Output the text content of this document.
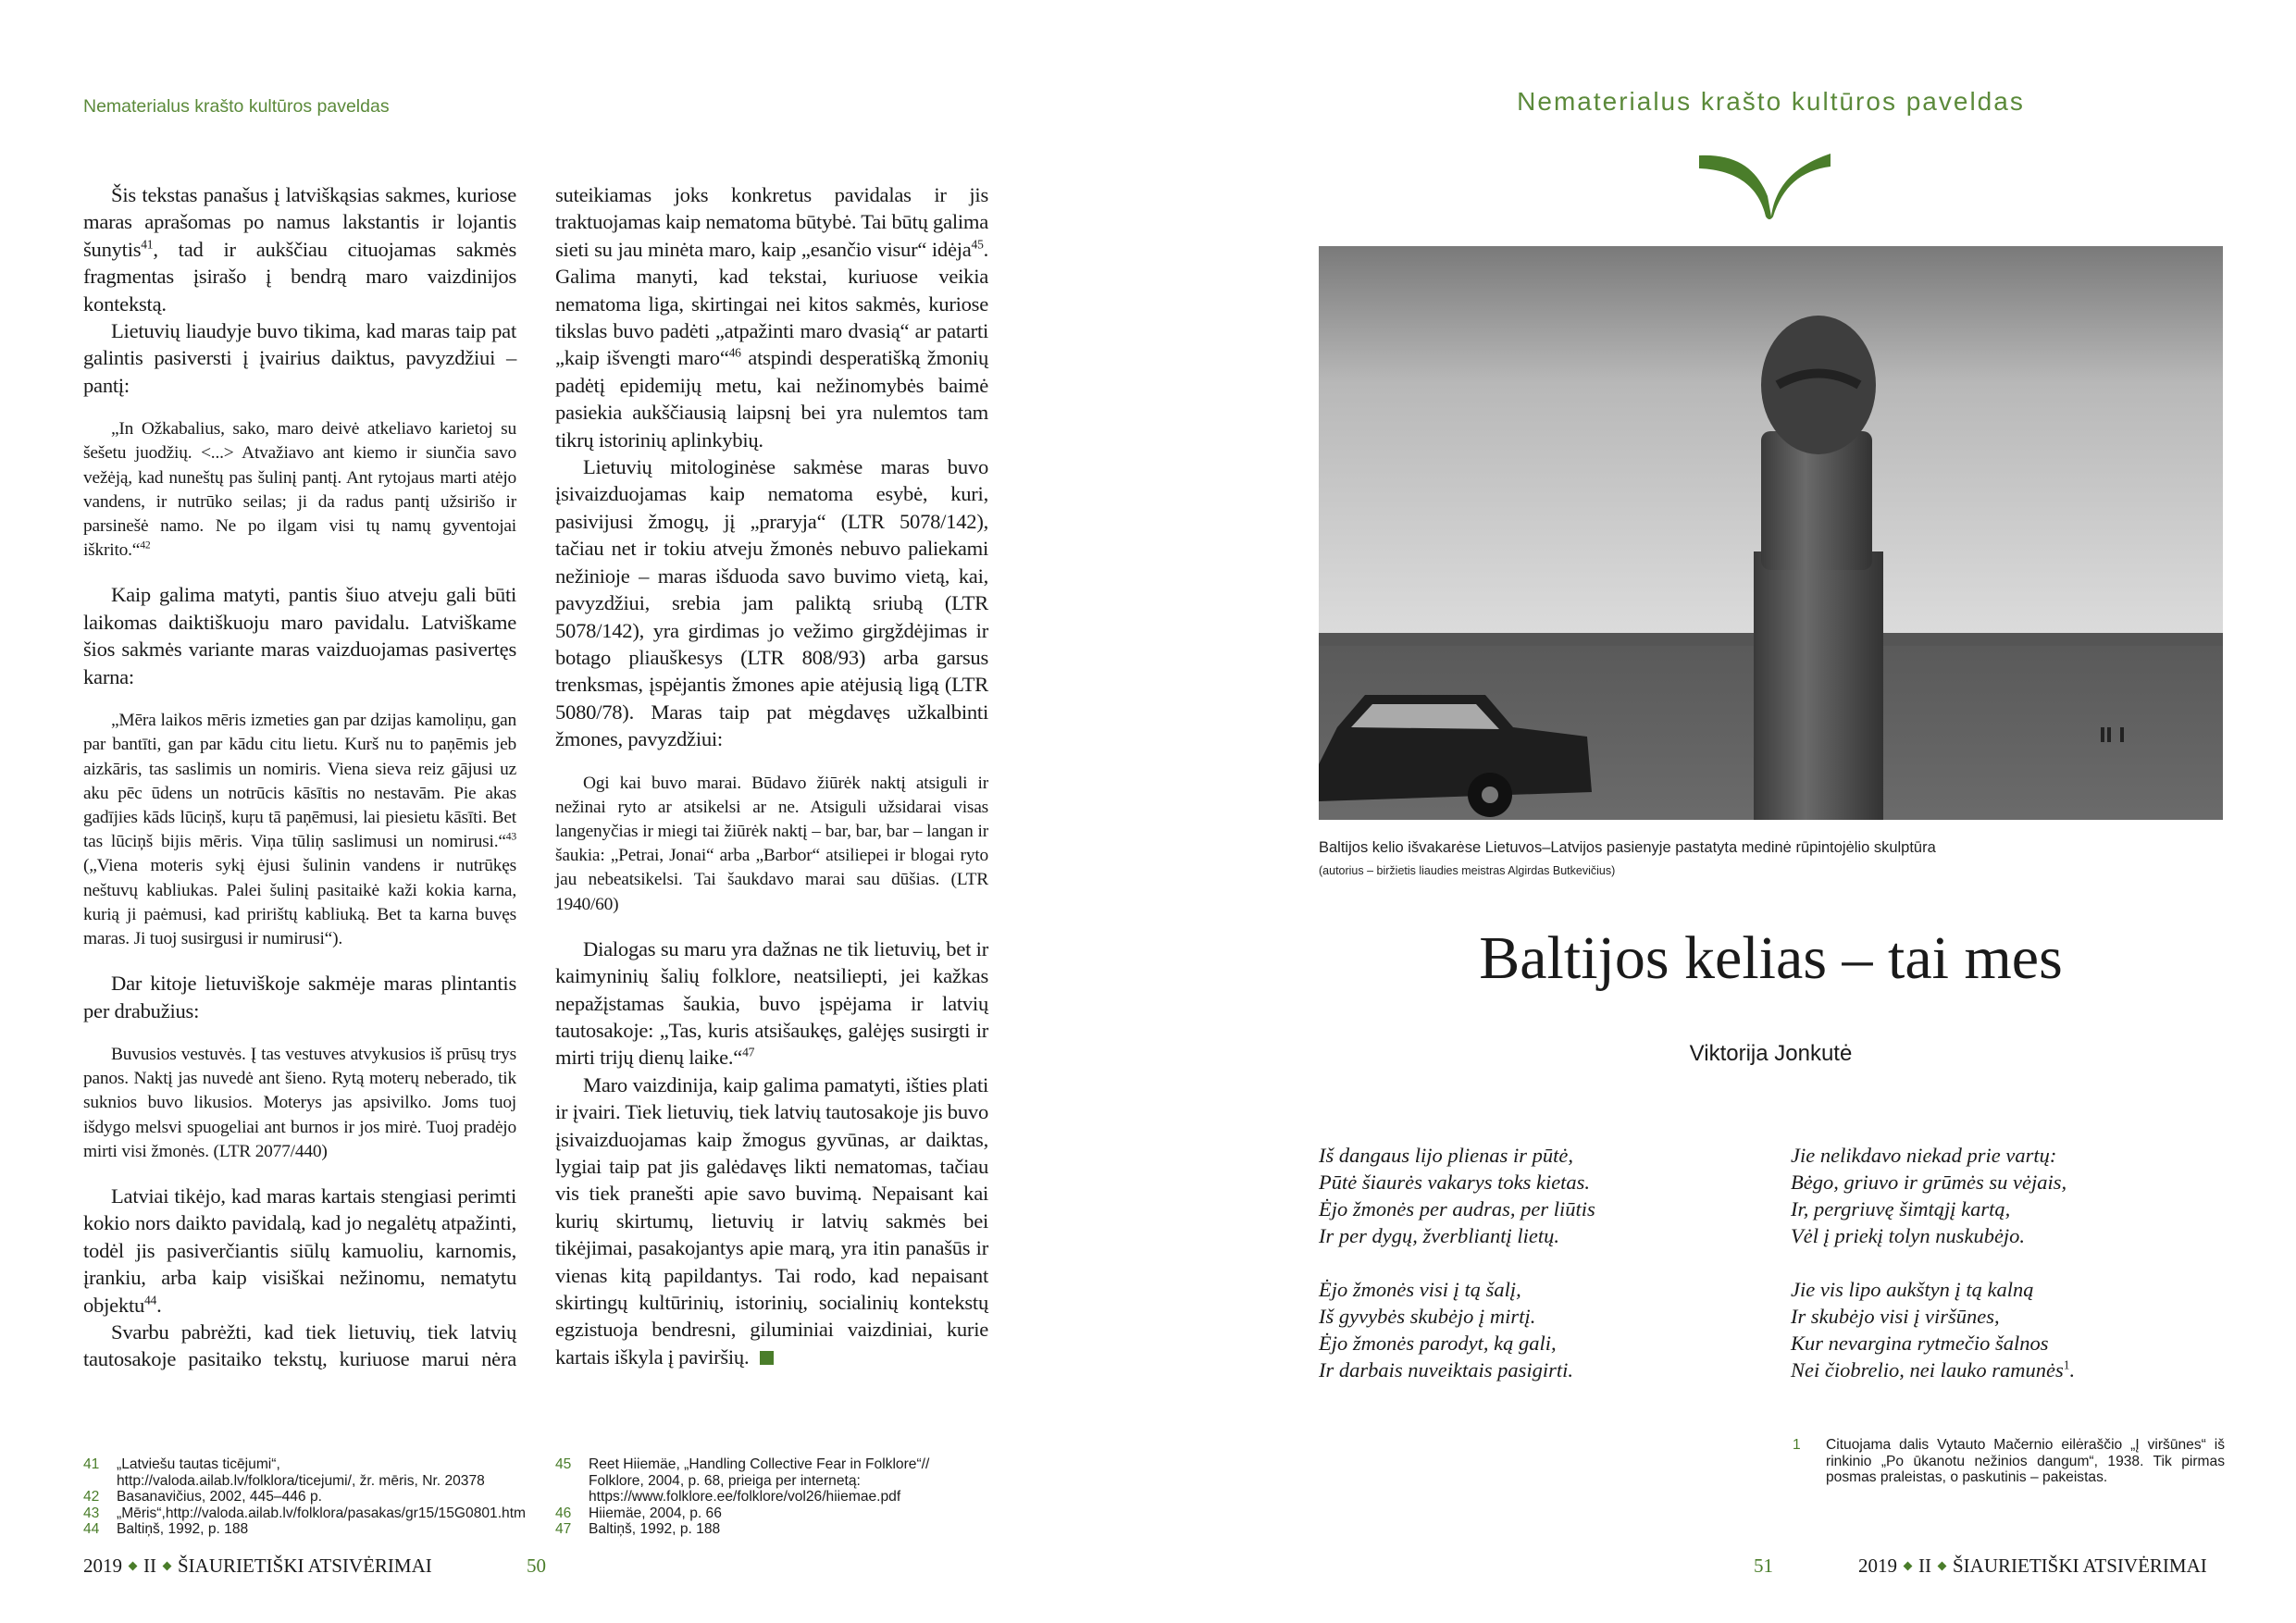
Nematerialus krašto kultūros paveldas

Šis tekstas panašus į latviškąsias sakmes, kuriose maras aprašomas po namus lakstantis ir lojantis šunytis$^{41}$, tad ir aukščiau cituojamas sakmės fragmentas įsirašo į bendrą maro vaizdinijos kontekstą.

Lietuvių liaudyje buvo tikima, kad maras taip pat galintis pasiversti į įvairius daiktus, pavyzdžiui – pantį:

„In Ožkabalius, sako, maro deivė atkeliavo karietoj su šešetu juodžių. <...> Atvažiavo ant kiemo ir siunčia savo vežėją, kad nuneštų pas šulinį pantį. Ant rytojaus marti atėjo vandens, ir nutrūko seilas; ji da radus pantį užsirišo ir parsinešė namo. Ne po ilgam visi tų namų gyventojai iškrito.“$^{42}$

Kaip galima matyti, pantis šiuo atveju gali būti laikomas daiktiškuoju maro pavidalu. Latviškame šios sakmės variante maras vaizduojamas pasivertęs karna:

„Mēra laikos mēris izmeties gan par dzijas kamoliņu, gan par bantīti, gan par kādu citu lietu. Kurš nu to paņēmis jeb aizkāris, tas saslimis un nomiris. Viena sieva reiz gājusi uz aku pēc ūdens un notrūcis kāsītis no nestavām. Pie akas gadījies kāds lūciņš, kuŗu tā paņēmusi, lai piesietu kāsīti. Bet tas lūciņš bijis mēris. Viņa tūliņ saslimusi un nomirusi.“$^{43}$ („Viena moteris sykį ėjusi šulinin vandens ir nutrūkęs neštuvų kabliukas. Palei šulinį pasitaikė kaži kokia karna, kurią ji paėmusi, kad pririštų kabliuką. Bet ta karna buvęs maras. Ji tuoj susirgusi ir numirusi“).

Dar kitoje lietuviškoje sakmėje maras plintantis per drabužius:

Buvusios vestuvės. Į tas vestuves atvykusios iš prūsų trys panos. Naktį jas nuvedė ant šieno. Rytą moterų neberado, tik suknios buvo likusios. Moterys jas apsivilko. Joms tuoj išdygo melsvi spuogeliai ant burnos ir jos mirė. Tuoj pradėjo mirti visi žmonės. (LTR 2077/440)

Latviai tikėjo, kad maras kartais stengiasi perimti kokio nors daikto pavidalą, kad jo negalėtų atpažinti, todėl jis pasiverčiantis siūlų kamuoliu, karnomis, įrankiu, arba kaip visiškai nežinomu, nematytu objektu$^{44}$.

Svarbu pabrėžti, kad tiek lietuvių, tiek latvių tautosakoje pasitaiko tekstų, kuriuose marui nėra

41	„Latviešu tautas ticējumi“, http://valoda.ailab.lv/folklora/ticejumi/, žr. mēris, Nr. 20378
42	Basanavičius, 2002, 445–446 p.
43	„Mēris“,http://valoda.ailab.lv/folklora/pasakas/gr15/15G0801.htm
44	Baltiņš, 1992, p. 188

suteikiamas joks konkretus pavidalas ir jis traktuojamas kaip nematoma būtybė. Tai būtų galima sieti su jau minėta maro, kaip „esančio visur“ idėja$^{45}$. Galima manyti, kad tekstai, kuriuose veikia nematoma liga, skirtingai nei kitos sakmės, kuriose tikslas buvo padėti „atpažinti maro dvasią“ ar patarti „kaip išvengti maro“$^{46}$ atspindi desperatišką žmonių padėtį epidemijų metu, kai nežinomybės baimė pasiekia aukščiausią laipsnį bei yra nulemtos tam tikrų istorinių aplinkybių.

Lietuvių mitologinėse sakmėse maras buvo įsivaizduojamas kaip nematoma esybė, kuri, pasivijusi žmogų, jį „praryja“ (LTR 5078/142), tačiau net ir tokiu atveju žmonės nebuvo paliekami nežinioje – maras išduoda savo buvimo vietą, kai, pavyzdžiui, srebia jam paliktą sriubą (LTR 5078/142), yra girdimas jo vežimo girgždėjimas ir botago pliauškesys (LTR 808/93) arba garsus trenksmas, įspėjantis žmones apie atėjusią ligą (LTR 5080/78). Maras taip pat mėgdavęs užkalbinti žmones, pavyzdžiui:

Ogi kai buvo marai. Būdavo žiūrėk naktį atsiguli ir nežinai ryto ar atsikelsi ar ne. Atsiguli užsidarai visas langenyčias ir miegi tai žiūrėk naktį – bar, bar, bar – langan ir šaukia: „Petrai, Jonai“ arba „Barbor“ atsiliepei ir blogai ryto jau nebeatsikelsi. Tai šaukdavo marai sau dūšias. (LTR 1940/60)

Dialogas su maru yra dažnas ne tik lietuvių, bet ir kaimyninių šalių folklore, neatsiliepti, jei kažkas nepažįstamas šaukia, buvo įspėjama ir latvių tautosakoje: „Tas, kuris atsišaukęs, galėjęs susirgti ir mirti trijų dienų laike.“$^{47}$

Maro vaizdinija, kaip galima pamatyti, išties plati ir įvairi. Tiek lietuvių, tiek latvių tautosakoje jis buvo įsivaizduojamas kaip žmogus gyvūnas, ar daiktas, lygiai taip pat jis galėdavęs likti nematomas, tačiau vis tiek pranešti apie savo buvimą. Nepaisant kai kurių skirtumų, lietuvių ir latvių sakmės bei tikėjimai, pasakojantys apie marą, yra itin panašūs ir vienas kitą papildantys. Tai rodo, kad nepaisant skirtingų kultūrinių, istorinių, socialinių kontekstų egzistuoja bendresni, giluminiai vaizdiniai, kurie kartais iškyla į paviršių.

45	Reet Hiiemäe, „Handling Collective Fear in Folklore“// Folklore, 2004, p. 68, prieiga per internetą: https://www.folklore.ee/folklore/vol26/hiiemae.pdf
46	Hiiemäe, 2004, p. 66
47	Baltiņš, 1992, p. 188
2019 II ŠIAURIETIŠKI ATSIVĖRIMAI	50
Nematerialus krašto kultūros paveldas
Baltijos kelio išvakarėse Lietuvos–Latvijos pasienyje pastatyta medinė rūpintojėlio skulptūra
(autorius – biržietis liaudies meistras Algirdas Butkevičius)
Baltijos kelias – tai mes
Viktorija Jonkutė
Iš dangaus lijo plienas ir pūtė,
Pūtė šiaurės vakarys toks kietas.
Ėjo žmonės per audras, per liūtis
Ir per dygų, žverbliantį lietų.
Ėjo žmonės visi į tą šalį,
Iš gyvybės skubėjo į mirtį.
Ėjo žmonės parodyt, ką gali,
Ir darbais nuveiktais pasigirti.
Jie nelikdavo niekad prie vartų:
Bėgo, griuvo ir grūmės su vėjais,
Ir, pergriuvę šimtąjį kartą,
Vėl į priekį tolyn nuskubėjo.
Jie vis lipo aukštyn į tą kalną
Ir skubėjo visi į viršūnes,
Kur nevargina rytmečio šalnos
Nei čiobrelio, nei lauko ramunės$^1$.
1	Cituojama dalis Vytauto Mačernio eilėraščio „Į viršūnes“ iš rinkinio „Po ūkanotu nežinios dangum“, 1938. Tik pirmas posmas praleistas, o paskutinis – pakeistas.
51	2019 II ŠIAURIETIŠKI ATSIVĖRIMAI
